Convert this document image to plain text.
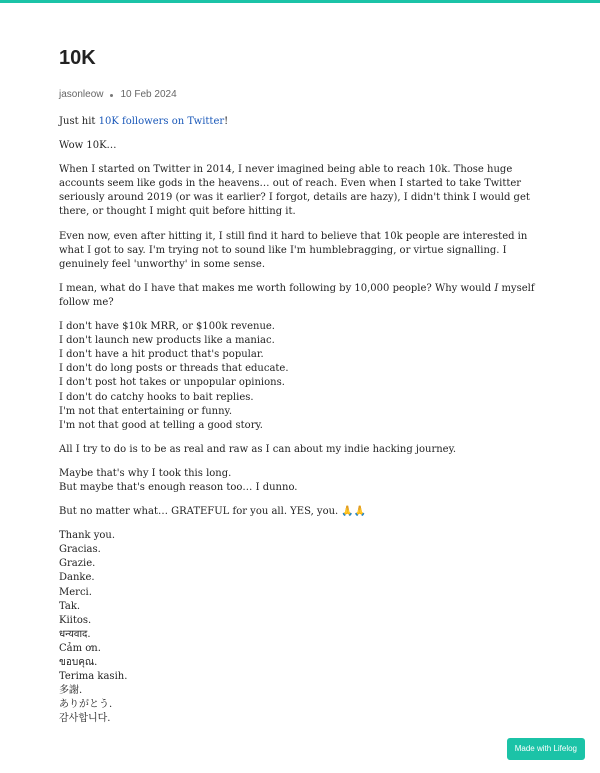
10K
jasonleow 10 Feb 2024

Just hit 10K followers on Twitter!

Wow 10K…

When I started on Twitter in 2014, I never imagined being able to reach 10k. Those huge accounts seem like gods in the heavens… out of reach. Even when I started to take Twitter seriously around 2019 (or was it earlier? I forgot, details are hazy), I didn't think I would get there, or thought I might quit before hitting it.

Even now, even after hitting it, I still find it hard to believe that 10k people are interested in what I got to say. I'm trying not to sound like I'm humblebragging, or virtue signalling. I genuinely feel 'unworthy' in some sense.

I mean, what do I have that makes me worth following by 10,000 people? Why would I myself follow me?

I don't have $10k MRR, or $100k revenue.
I don't launch new products like a maniac.
I don't have a hit product that's popular.
I don't do long posts or threads that educate.
I don't post hot takes or unpopular opinions.
I don't do catchy hooks to bait replies.
I'm not that entertaining or funny.
I'm not that good at telling a good story.

All I try to do is to be as real and raw as I can about my indie hacking journey.

Maybe that's why I took this long.
But maybe that's enough reason too… I dunno.

But no matter what… GRATEFUL for you all. YES, you. 🙏🙏

Thank you.
Gracias.
Grazie.
Danke.
Merci.
Tak.
Kiitos.
धन्यवाद.
Cảm ơn.
ขอบคุณ.
Terima kasih.
多謝.
ありがとう.
감사합니다.

Made with Lifelog
